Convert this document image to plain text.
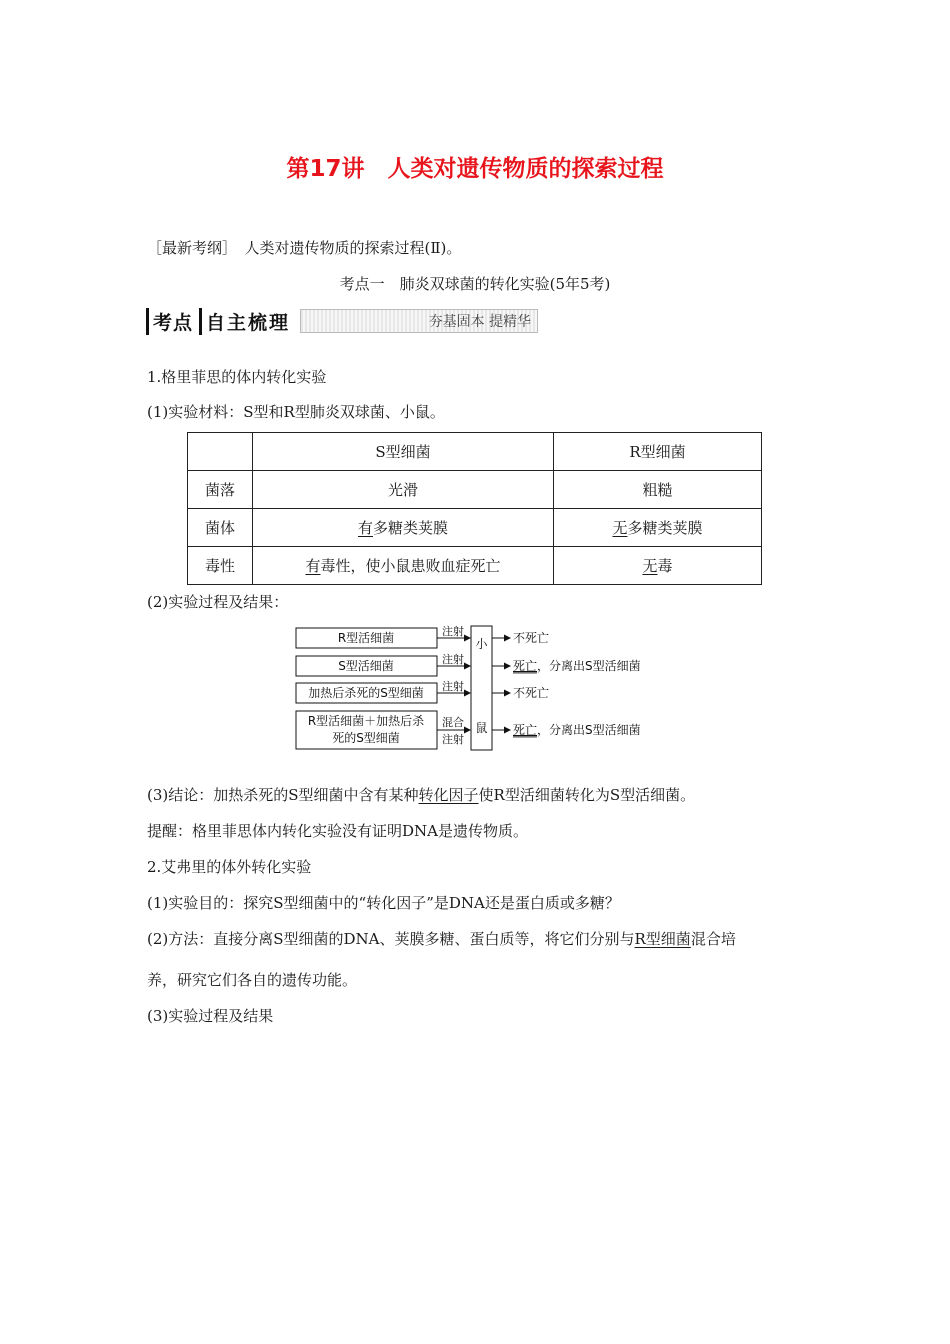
第17讲　人类对遗传物质的探索过程
［最新考纲］　人类对遗传物质的探索过程(Ⅱ)。
考点一　肺炎双球菌的转化实验(5年5考)
考点 自主梳理	夯基固本 提精华
1.格里菲思的体内转化实验
(1)实验材料：S型和R型肺炎双球菌、小鼠。
	S型细菌	R型细菌
菌落	光滑	粗糙
菌体	有多糖类荚膜	无多糖类荚膜
毒性	有毒性，使小鼠患败血症死亡	无毒
(2)实验过程及结果：
R型活细菌
S型活细菌
加热后杀死的S型细菌
R型活细菌＋加热后杀
死的S型细菌
注射
注射
注射
混合
注射
小
鼠
不死亡
死亡，分离出S型活细菌
不死亡
死亡，分离出S型活细菌
(3)结论：加热杀死的S型细菌中含有某种转化因子使R型活细菌转化为S型活细菌。
提醒：格里菲思体内转化实验没有证明DNA是遗传物质。
2.艾弗里的体外转化实验
(1)实验目的：探究S型细菌中的“转化因子”是DNA还是蛋白质或多糖？
(2)方法：直接分离S型细菌的DNA、荚膜多糖、蛋白质等，将它们分别与R型细菌混合培
养，研究它们各自的遗传功能。
(3)实验过程及结果
